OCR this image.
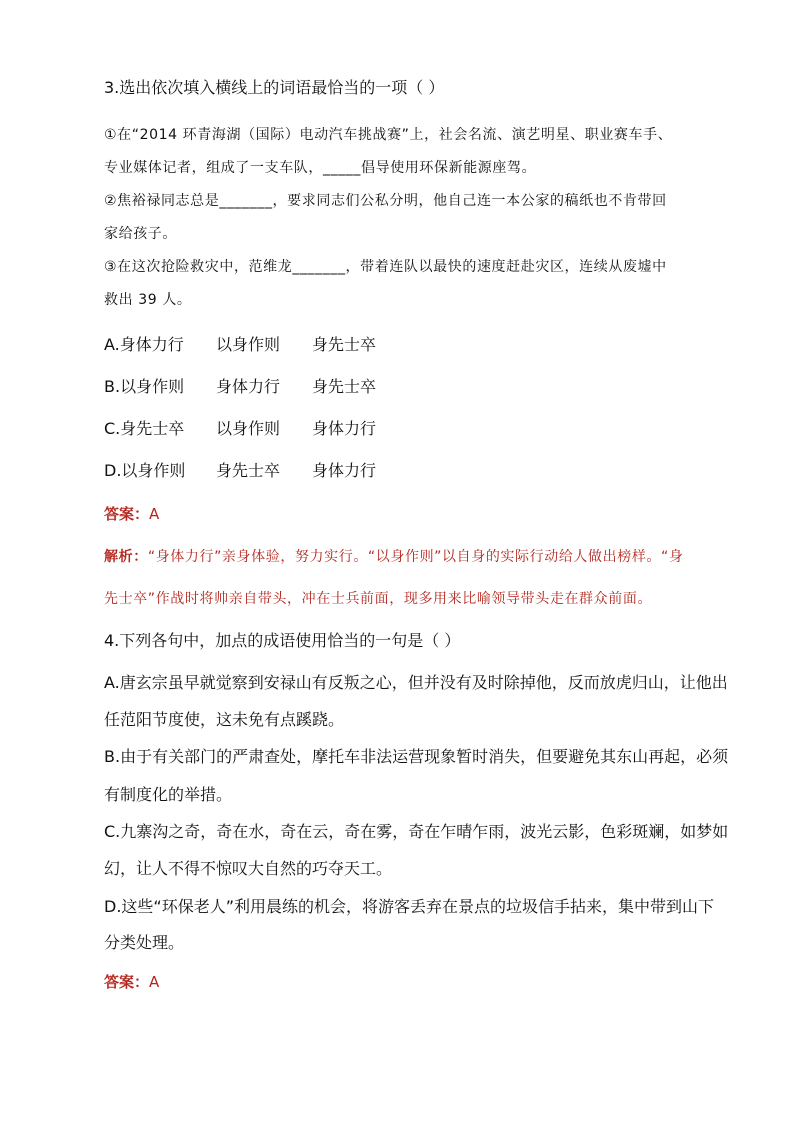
3.选出依次填入横线上的词语最恰当的一项（ ）
①在“2014 环青海湖（国际）电动汽车挑战赛”上，社会名流、演艺明星、职业赛车手、
专业媒体记者，组成了一支车队，_____倡导使用环保新能源座驾。
②焦裕禄同志总是_______，要求同志们公私分明，他自己连一本公家的稿纸也不肯带回
家给孩子。
③在这次抢险救灾中，范维龙_______，带着连队以最快的速度赶赴灾区，连续从废墟中
救出 39 人。
A.身体力行 以身作则 身先士卒
B.以身作则 身体力行 身先士卒
C.身先士卒 以身作则 身体力行
D.以身作则 身先士卒 身体力行
答案：A
解析：“身体力行”亲身体验，努力实行。“以身作则”以自身的实际行动给人做出榜样。“身
先士卒”作战时将帅亲自带头，冲在士兵前面，现多用来比喻领导带头走在群众前面。
4.下列各句中，加点的成语使用恰当的一句是（ ）
A.唐玄宗虽早就觉察到安禄山有反叛之心，但并没有及时除掉他，反而放虎归山，让他出
任范阳节度使，这未免有点蹊跷。
B.由于有关部门的严肃查处，摩托车非法运营现象暂时消失，但要避免其东山再起，必须
有制度化的举措。
C.九寨沟之奇，奇在水，奇在云，奇在雾，奇在乍晴乍雨，波光云影，色彩斑斓，如梦如
幻，让人不得不惊叹大自然的巧夺天工。
D.这些“环保老人”利用晨练的机会，将游客丢弃在景点的垃圾信手拈来，集中带到山下
分类处理。
答案：A
